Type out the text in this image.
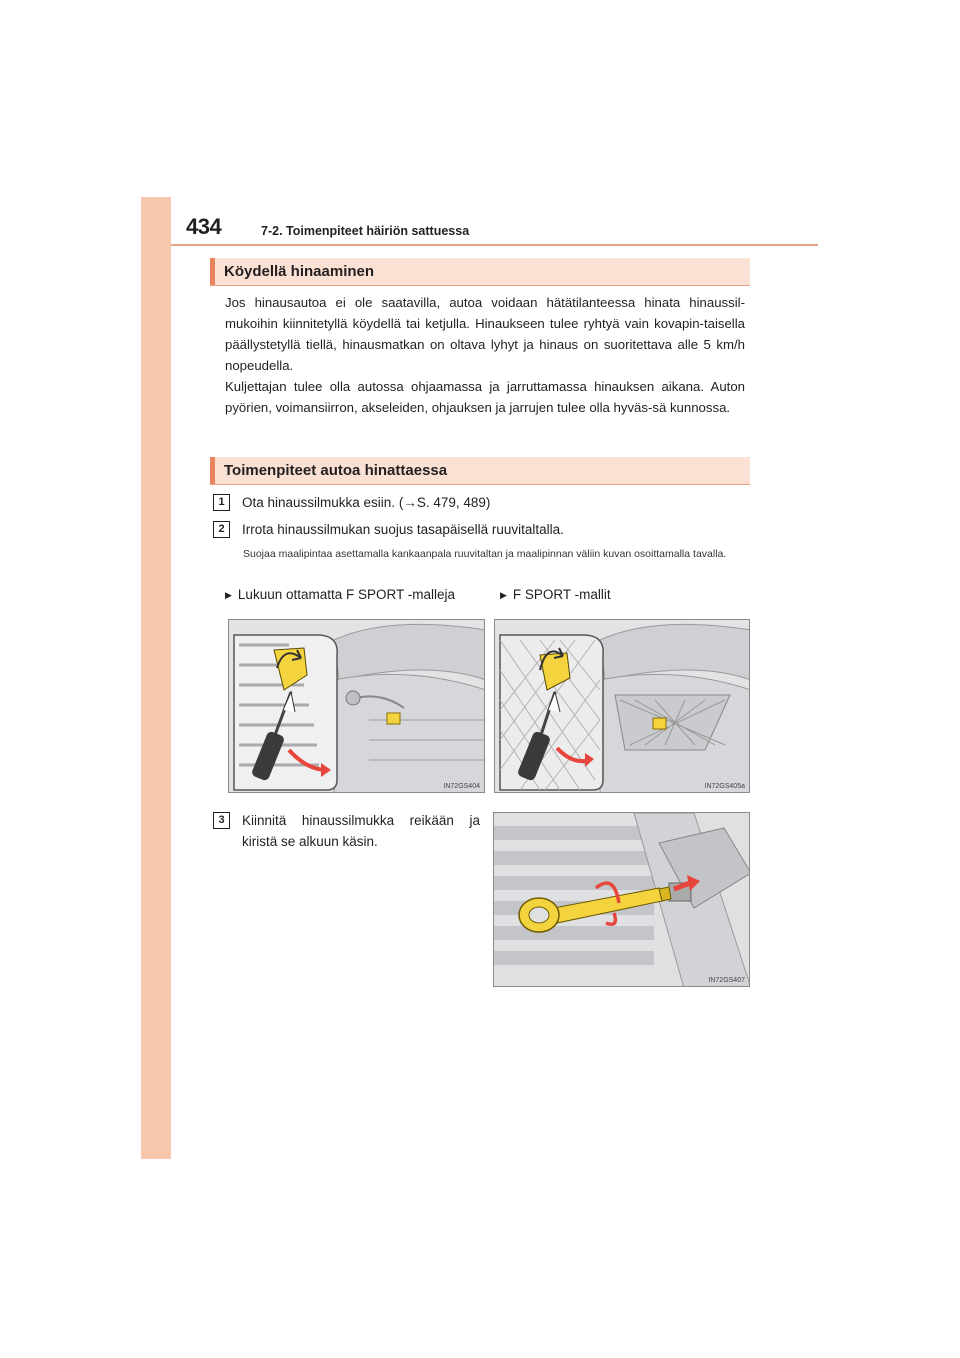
434	7-2. Toimenpiteet häiriön sattuessa
Köydellä hinaaminen

Jos hinausautoa ei ole saatavilla, autoa voidaan hätätilanteessa hinata hinaussil-mukoihin kiinnitetyllä köydellä tai ketjulla. Hinaukseen tulee ryhtyä vain kovapin-taisella päällystetyllä tiellä, hinausmatkan on oltava lyhyt ja hinaus on suoritettava alle 5 km/h nopeudella.

Kuljettajan tulee olla autossa ohjaamassa ja jarruttamassa hinauksen aikana. Auton pyörien, voimansiirron, akseleiden, ohjauksen ja jarrujen tulee olla hyväs-sä kunnossa.

Toimenpiteet autoa hinattaessa
1	Ota hinaussilmukka esiin. (→S. 479, 489)
2	Irrota hinaussilmukan suojus tasapäisellä ruuvitaltalla.
Suojaa maalipintaa asettamalla kankaanpala ruuvitaltan ja maalipinnan väliin kuvan osoittamalla tavalla.
▶ Lukuun ottamatta F SPORT -malleja	▶ F SPORT -mallit
IN72GS404	IN72GS405a
3	Kiinnitä hinaussilmukka reikään ja kiristä se alkuun käsin.
IN72GS407
